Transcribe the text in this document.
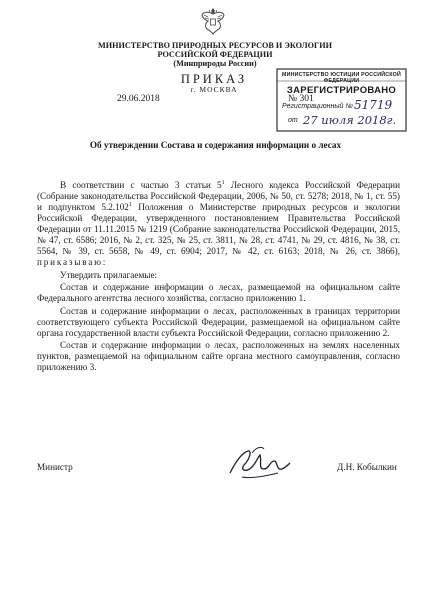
МИНИСТЕРСТВО ПРИРОДНЫХ РЕСУРСОВ И ЭКОЛОГИИ
РОССИЙСКОЙ ФЕДЕРАЦИИ
(Минприроды России)
ПРИКАЗ
г. МОСКВА
29.06.2018	№ 301
МИНИСТЕРСТВО ЮСТИЦИИ РОССИЙСКОЙ ФЕДЕРАЦИИ
ЗАРЕГИСТРИРОВАНО
Регистрационный № 51719
от 27 июля 2018г.
Об утверждении Состава и содержания информации о лесах

В соответствии с частью 3 статьи $5^1$ Лесного кодекса Российской Федерации (Собрание законодательства Российской Федерации, 2006, № 50, ст. 5278; 2018, № 1, ст. 55) и подпунктом 5.2.102$^1$ Положения о Министерстве природных ресурсов и экологии Российской Федерации, утвержденного постановлением Правительства Российской Федерации от 11.11.2015 № 1219 (Собрание законодательства Российской Федерации, 2015, № 47, ст. 6586; 2016, № 2, ст. 325, № 25, ст. 3811, № 28, ст. 4741, № 29, ст. 4816, № 38, ст. 5564, № 39, ст. 5658, № 49, ст. 6904; 2017, № 42, ст. 6163; 2018, № 26, ст. 3866), приказываю:

Утвердить прилагаемые:

Состав и содержание информации о лесах, размещаемой на официальном сайте Федерального агентства лесного хозяйства, согласно приложению 1.

Состав и содержание информации о лесах, расположенных в границах территории соответствующего субъекта Российской Федерации, размещаемой на официальном сайте органа государственной власти субъекта Российской Федерации, согласно приложению 2.

Состав и содержание информации о лесах, расположенных на землях населенных пунктов, размещаемой на официальном сайте органа местного самоуправления, согласно приложению 3.

Министр	Д.Н. Кобылкин
